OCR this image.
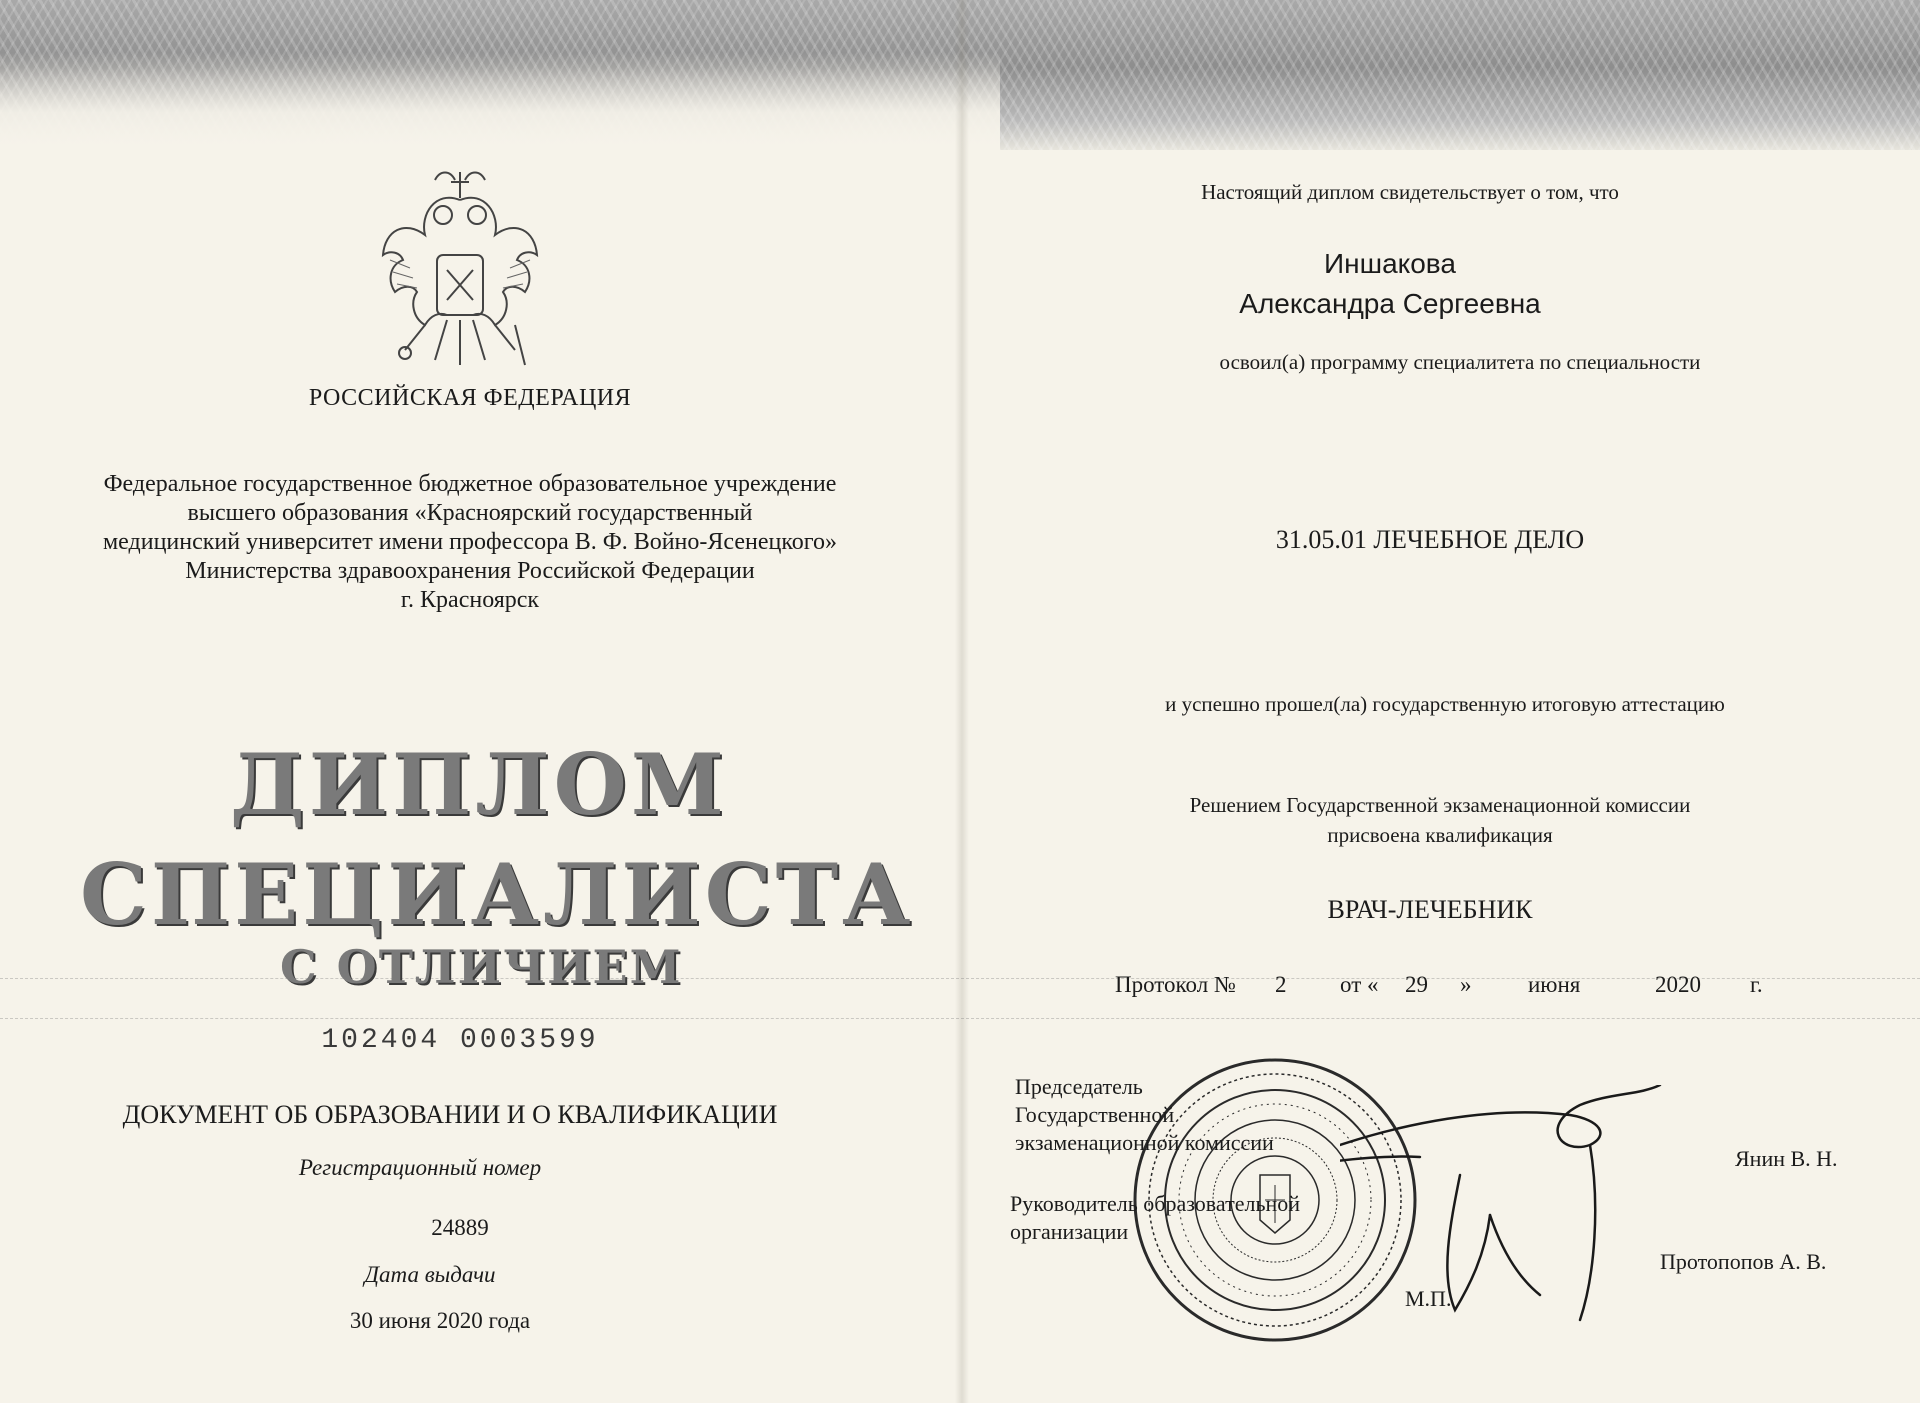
РОССИЙСКАЯ ФЕДЕРАЦИЯ
Федеральное государственное бюджетное образовательное учреждение
высшего образования «Красноярский государственный
медицинский университет имени профессора В. Ф. Войно-Ясенецкого»
Министерства здравоохранения Российской Федерации
г. Красноярск
ДИПЛОМ
СПЕЦИАЛИСТА
С ОТЛИЧИЕМ
102404 0003599
ДОКУМЕНТ ОБ ОБРАЗОВАНИИ И О КВАЛИФИКАЦИИ
Регистрационный номер
24889
Дата выдачи
30 июня 2020 года
Настоящий диплом свидетельствует о том, что
Иншакова
Александра Сергеевна
освоил(а) программу специалитета по специальности
31.05.01 ЛЕЧЕБНОЕ ДЕЛО
и успешно прошел(ла) государственную итоговую аттестацию
Решением Государственной экзаменационной комиссии
присвоена квалификация
ВРАЧ-ЛЕЧЕБНИК
Протокол № 2 от « 29 » июня	2020 г.
Председатель
Государственной
экзаменационной комиссии
Янин В. Н.
Руководитель образовательной
организации
Протопопов А. В.
М.П.
